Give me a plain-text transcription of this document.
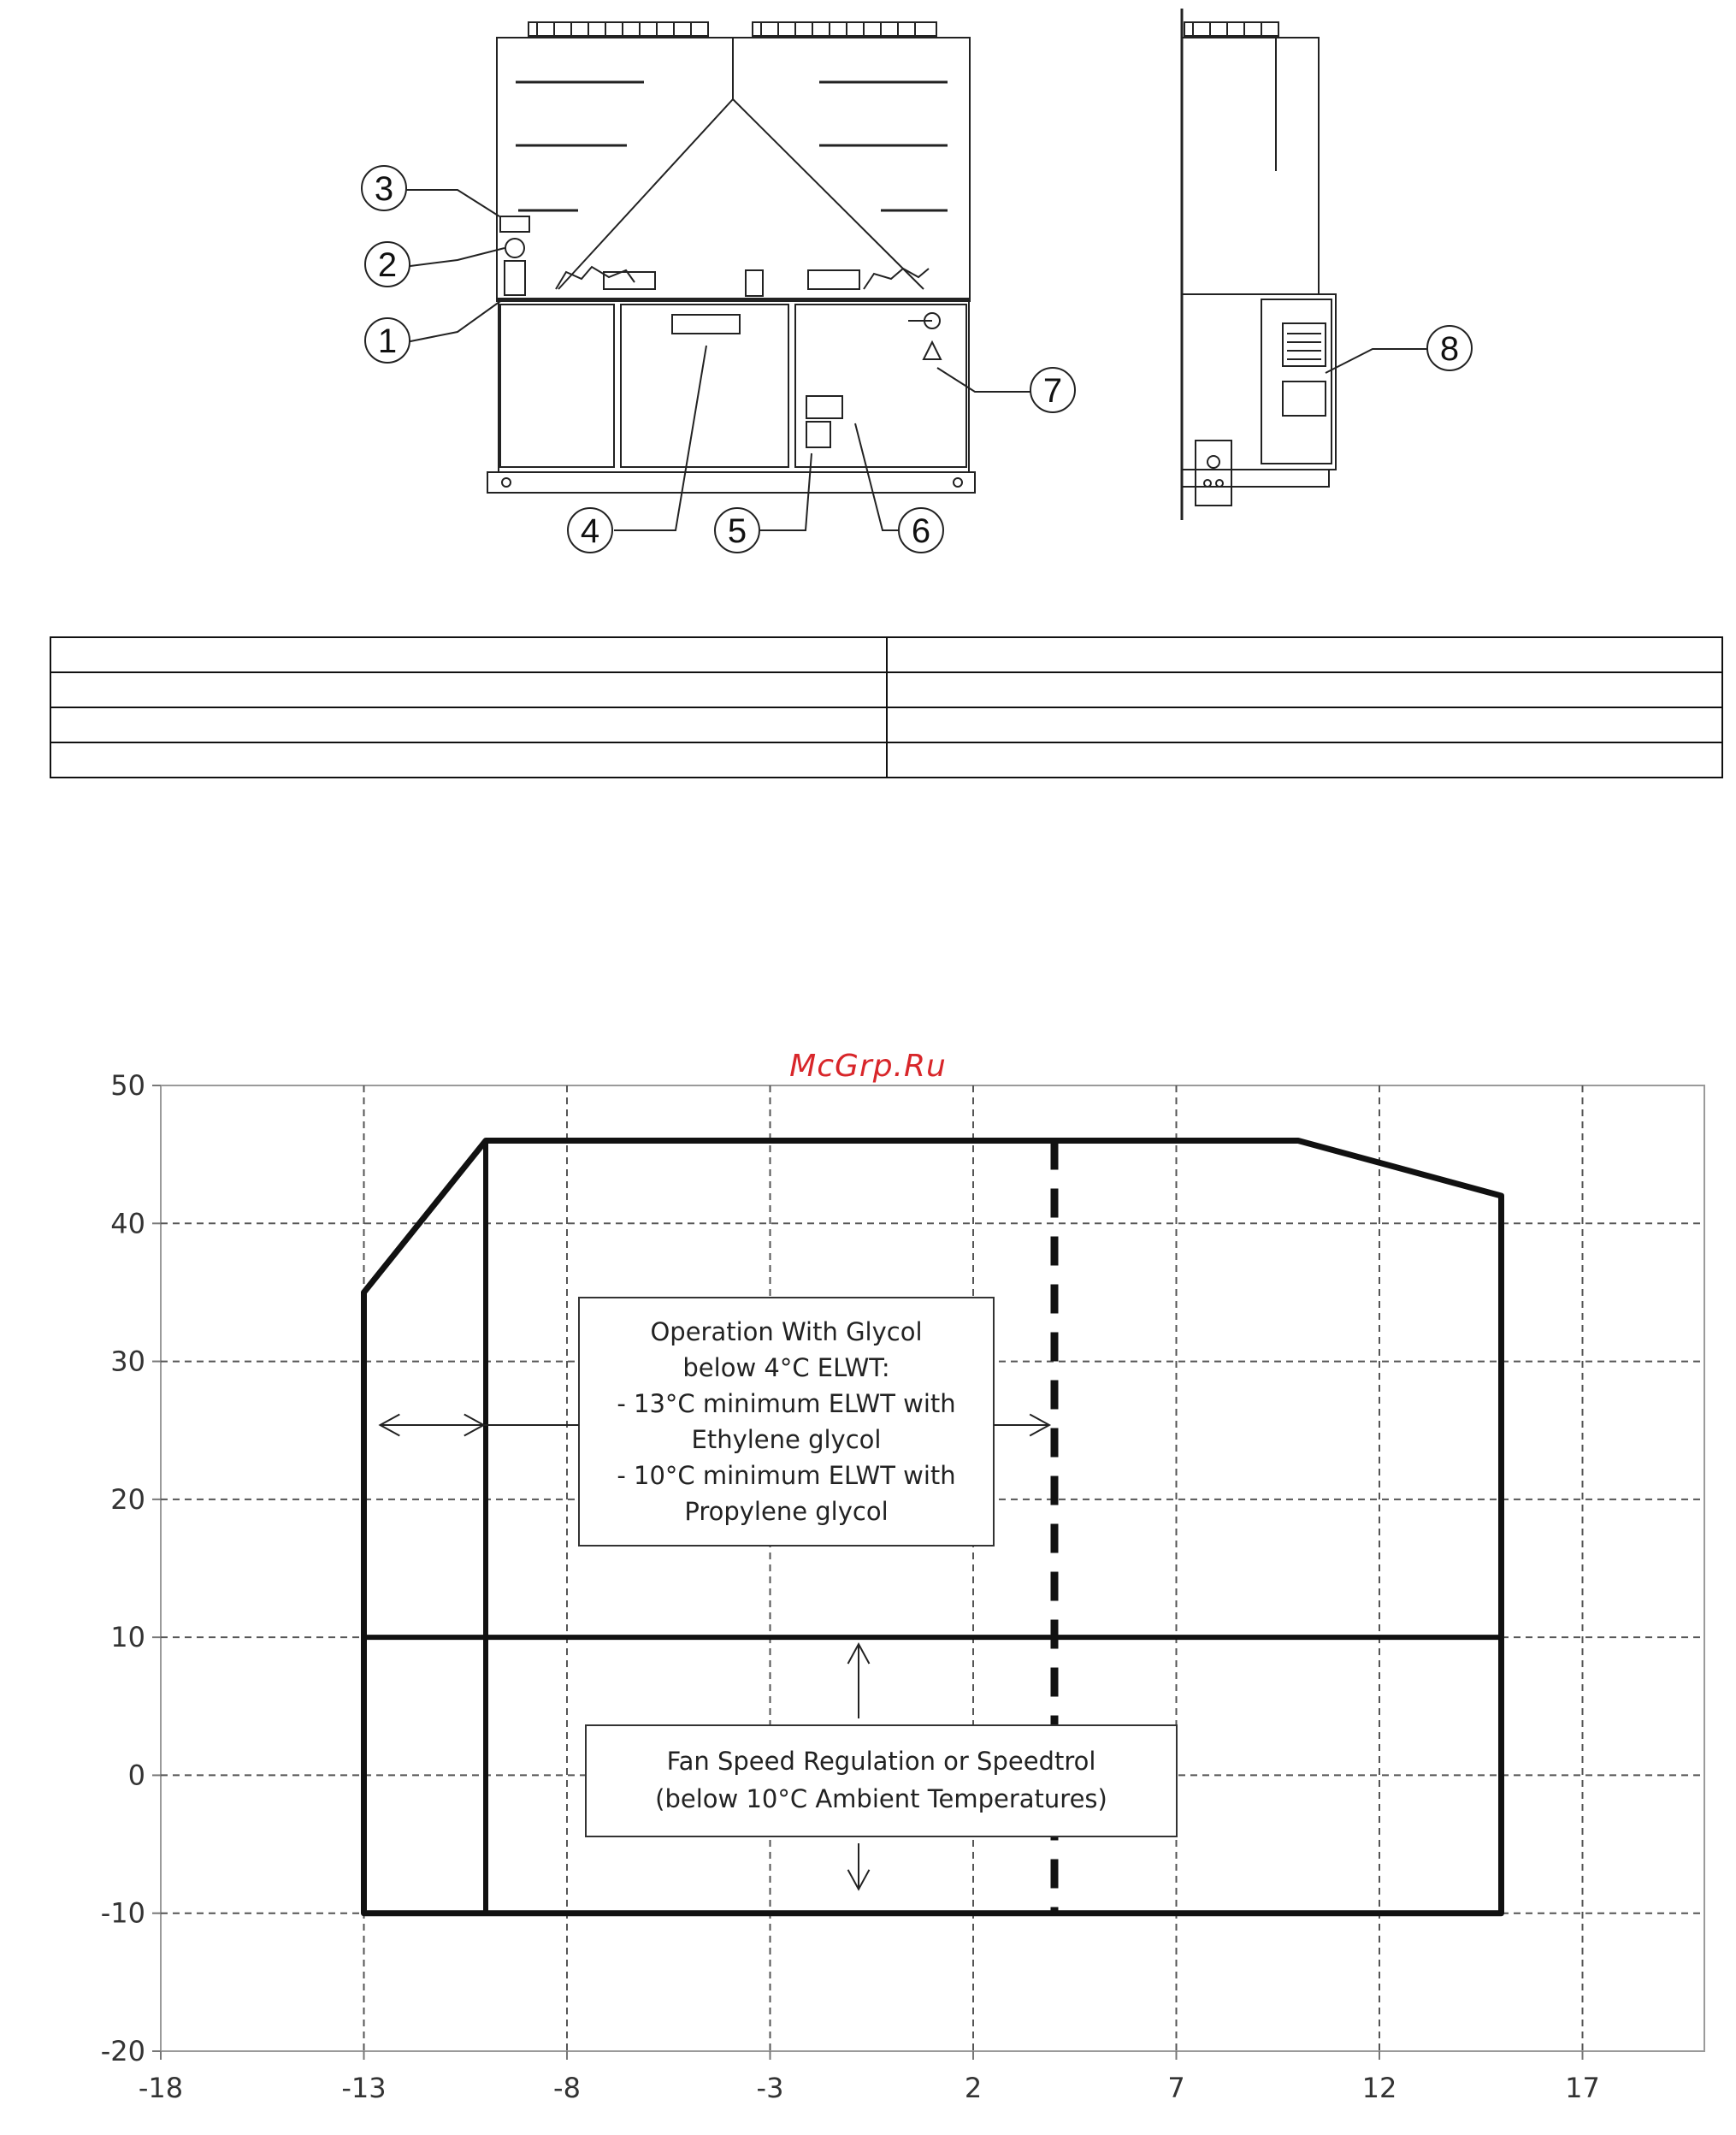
1
2
3
4	5	6
7
8

McGrp.Ru
50
40
30
20
10
0
-10
-20
-18	-13	-8	-3	2	7	12	17
Operation With Glycol
below 4°C ELWT:
- 13°C minimum ELWT with
Ethylene glycol
- 10°C minimum ELWT with
Propylene glycol
Fan Speed Regulation or Speedtrol
(below 10°C Ambient Temperatures)
